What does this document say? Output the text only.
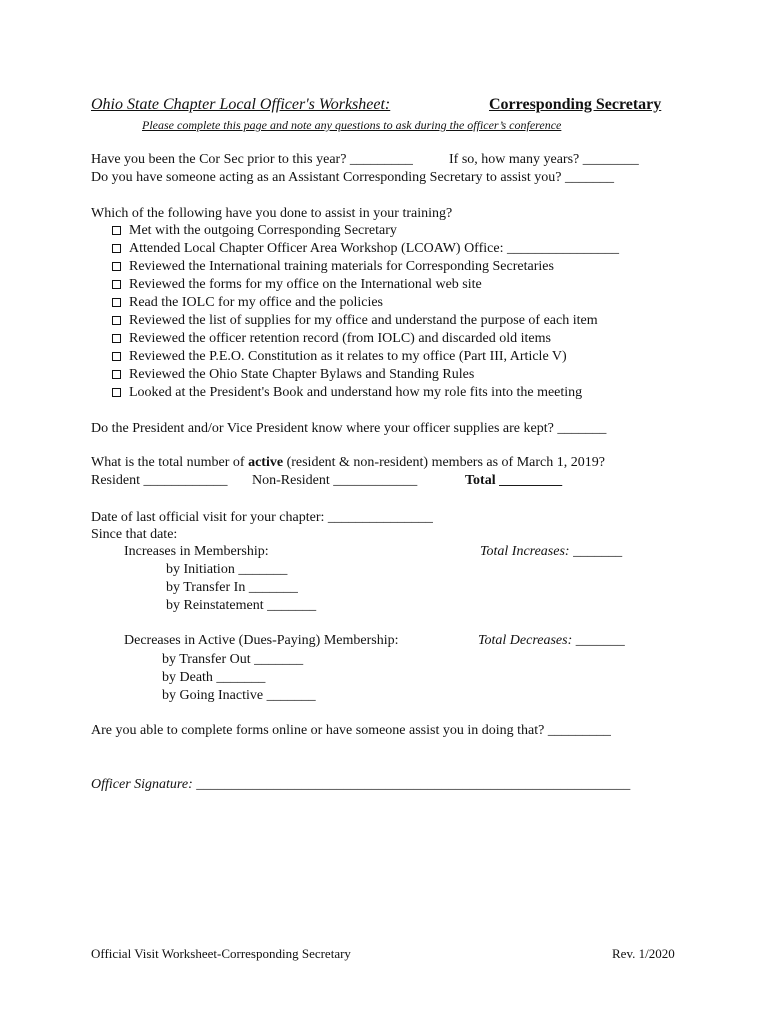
Ohio State Chapter Local Officer's Worksheet:	Corresponding Secretary
Please complete this page and note any questions to ask during the officer’s conference
Have you been the Cor Sec prior to this year? _________	If so, how many years? ________
Do you have someone acting as an Assistant Corresponding Secretary to assist you? _______
Which of the following have you done to assist in your training?
Met with the outgoing Corresponding Secretary
Attended Local Chapter Officer Area Workshop (LCOAW) Office: ________________
Reviewed the International training materials for Corresponding Secretaries
Reviewed the forms for my office on the International web site
Read the IOLC for my office and the policies
Reviewed the list of supplies for my office and understand the purpose of each item
Reviewed the officer retention record (from IOLC) and discarded old items
Reviewed the P.E.O. Constitution as it relates to my office (Part III, Article V)
Reviewed the Ohio State Chapter Bylaws and Standing Rules
Looked at the President's Book and understand how my role fits into the meeting
Do the President and/or Vice President know where your officer supplies are kept? _______
What is the total number of active (resident & non-resident) members as of March 1, 2019?
Resident ____________ Non-Resident ____________	Total _________
Date of last official visit for your chapter: _______________
Since that date:
Increases in Membership:	Total Increases: _______
by Initiation _______
by Transfer In _______
by Reinstatement _______
Decreases in Active (Dues-Paying) Membership:	Total Decreases: _______
by Transfer Out _______
by Death _______
by Going Inactive _______
Are you able to complete forms online or have someone assist you in doing that? _________
Officer Signature: ______________________________________________________________
Official Visit Worksheet-Corresponding Secretary	Rev. 1/2020
